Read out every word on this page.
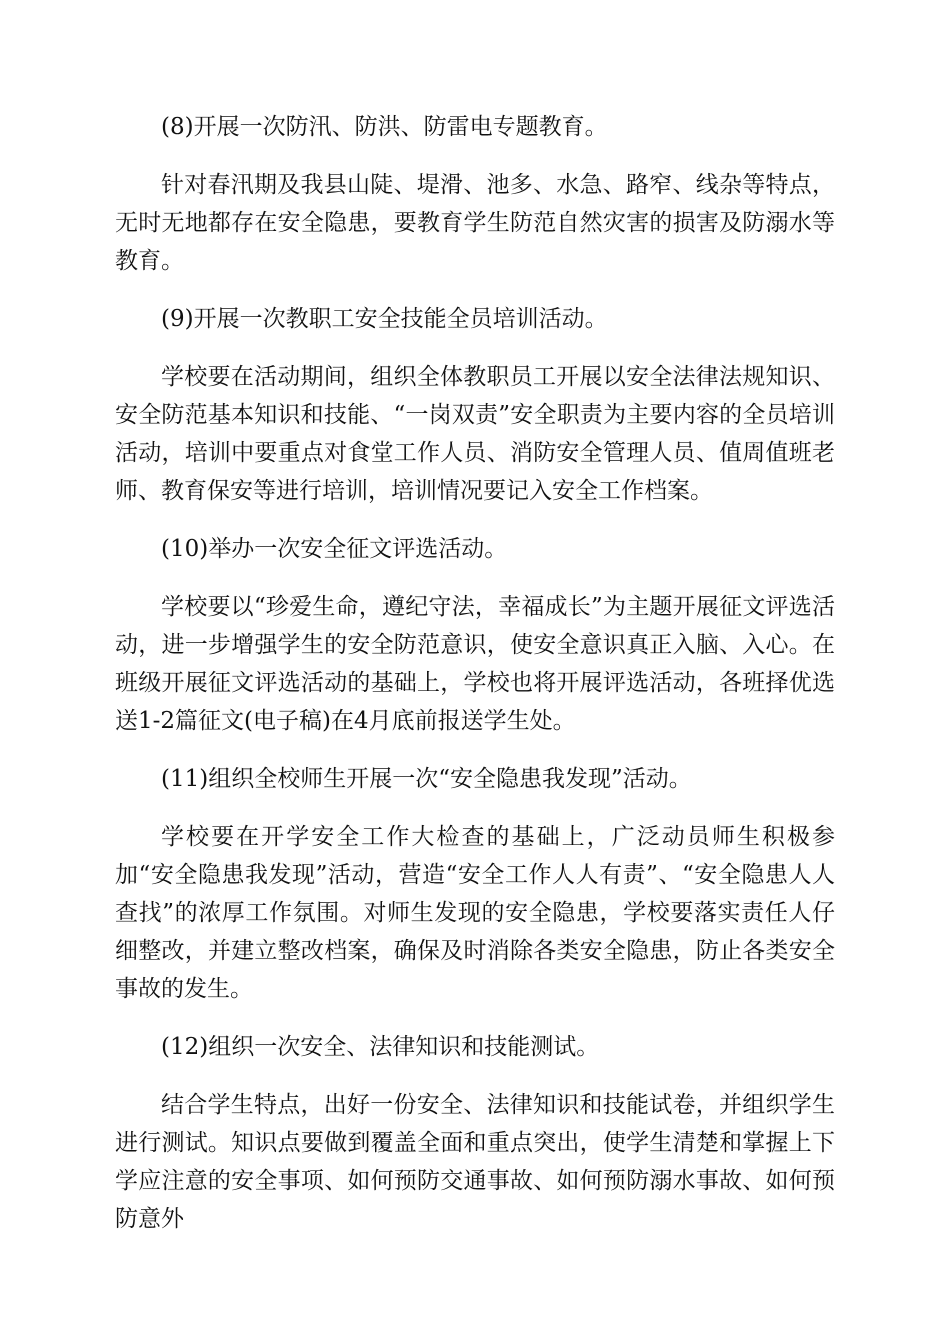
(8)开展一次防汛、防洪、防雷电专题教育。

针对春汛期及我县山陡、堤滑、池多、水急、路窄、线杂等特点，无时无地都存在安全隐患，要教育学生防范自然灾害的损害及防溺水等教育。

(9)开展一次教职工安全技能全员培训活动。

学校要在活动期间，组织全体教职员工开展以安全法律法规知识、安全防范基本知识和技能、“一岗双责”安全职责为主要内容的全员培训活动，培训中要重点对食堂工作人员、消防安全管理人员、值周值班老师、教育保安等进行培训，培训情况要记入安全工作档案。

(10)举办一次安全征文评选活动。

学校要以“珍爱生命，遵纪守法，幸福成长”为主题开展征文评选活动，进一步增强学生的安全防范意识，使安全意识真正入脑、入心。在班级开展征文评选活动的基础上，学校也将开展评选活动，各班择优选送1-2篇征文(电子稿)在4月底前报送学生处。

(11)组织全校师生开展一次“安全隐患我发现”活动。

学校要在开学安全工作大检查的基础上，广泛动员师生积极参加“安全隐患我发现”活动，营造“安全工作人人有责”、“安全隐患人人查找”的浓厚工作氛围。对师生发现的安全隐患，学校要落实责任人仔细整改，并建立整改档案，确保及时消除各类安全隐患，防止各类安全事故的发生。

(12)组织一次安全、法律知识和技能测试。

结合学生特点，出好一份安全、法律知识和技能试卷，并组织学生进行测试。知识点要做到覆盖全面和重点突出，使学生清楚和掌握上下学应注意的安全事项、如何预防交通事故、如何预防溺水事故、如何预防意外
